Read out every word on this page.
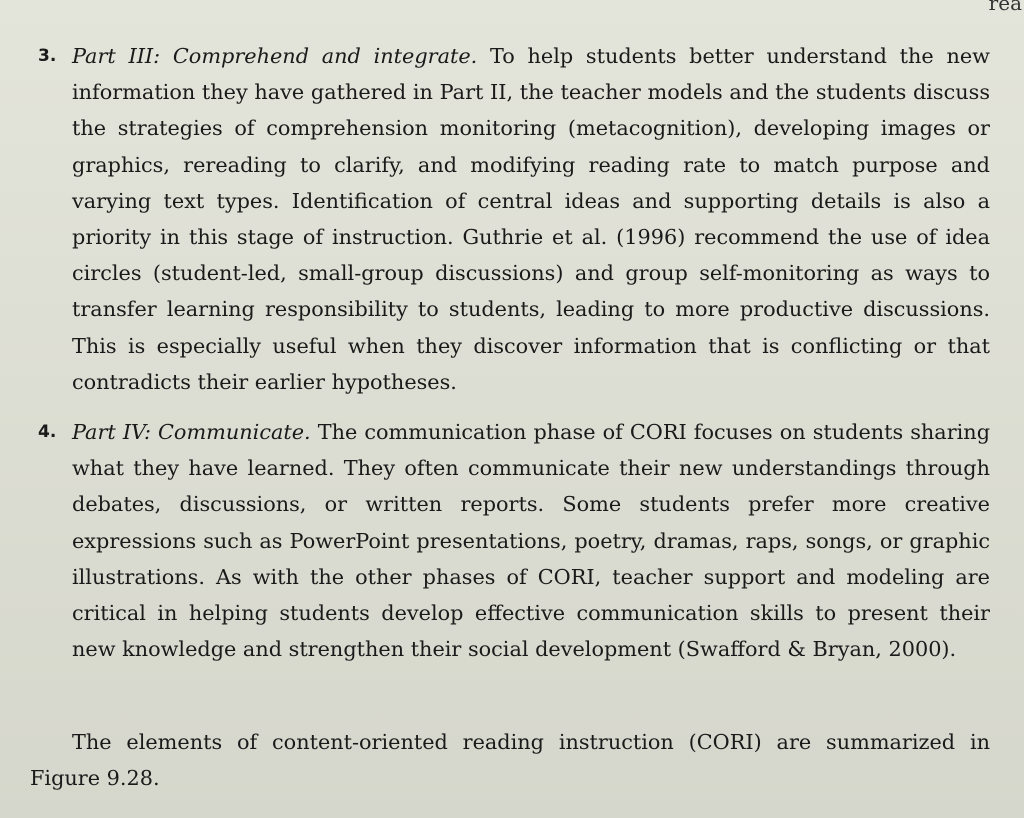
rea
3. Part III: Comprehend and integrate. To help students better understand the new information they have gathered in Part II, the teacher models and the students discuss the strategies of comprehension monitoring (metacognition), developing images or graphics, rereading to clarify, and modifying reading rate to match purpose and varying text types. Identification of central ideas and supporting details is also a priority in this stage of instruction. Guthrie et al. (1996) recommend the use of idea circles (student-led, small-group discussions) and group self-monitoring as ways to transfer learning responsibility to students, leading to more productive discussions. This is especially useful when they discover information that is conflicting or that contradicts their earlier hypotheses.
4. Part IV: Communicate. The communication phase of CORI focuses on students sharing what they have learned. They often communicate their new understandings through debates, discussions, or written reports. Some students prefer more creative expressions such as PowerPoint presentations, poetry, dramas, raps, songs, or graphic illustrations. As with the other phases of CORI, teacher support and modeling are critical in helping students develop effective communication skills to present their new knowledge and strengthen their social development (Swafford & Bryan, 2000).
The elements of content-oriented reading instruction (CORI) are summarized in Figure 9.28.
